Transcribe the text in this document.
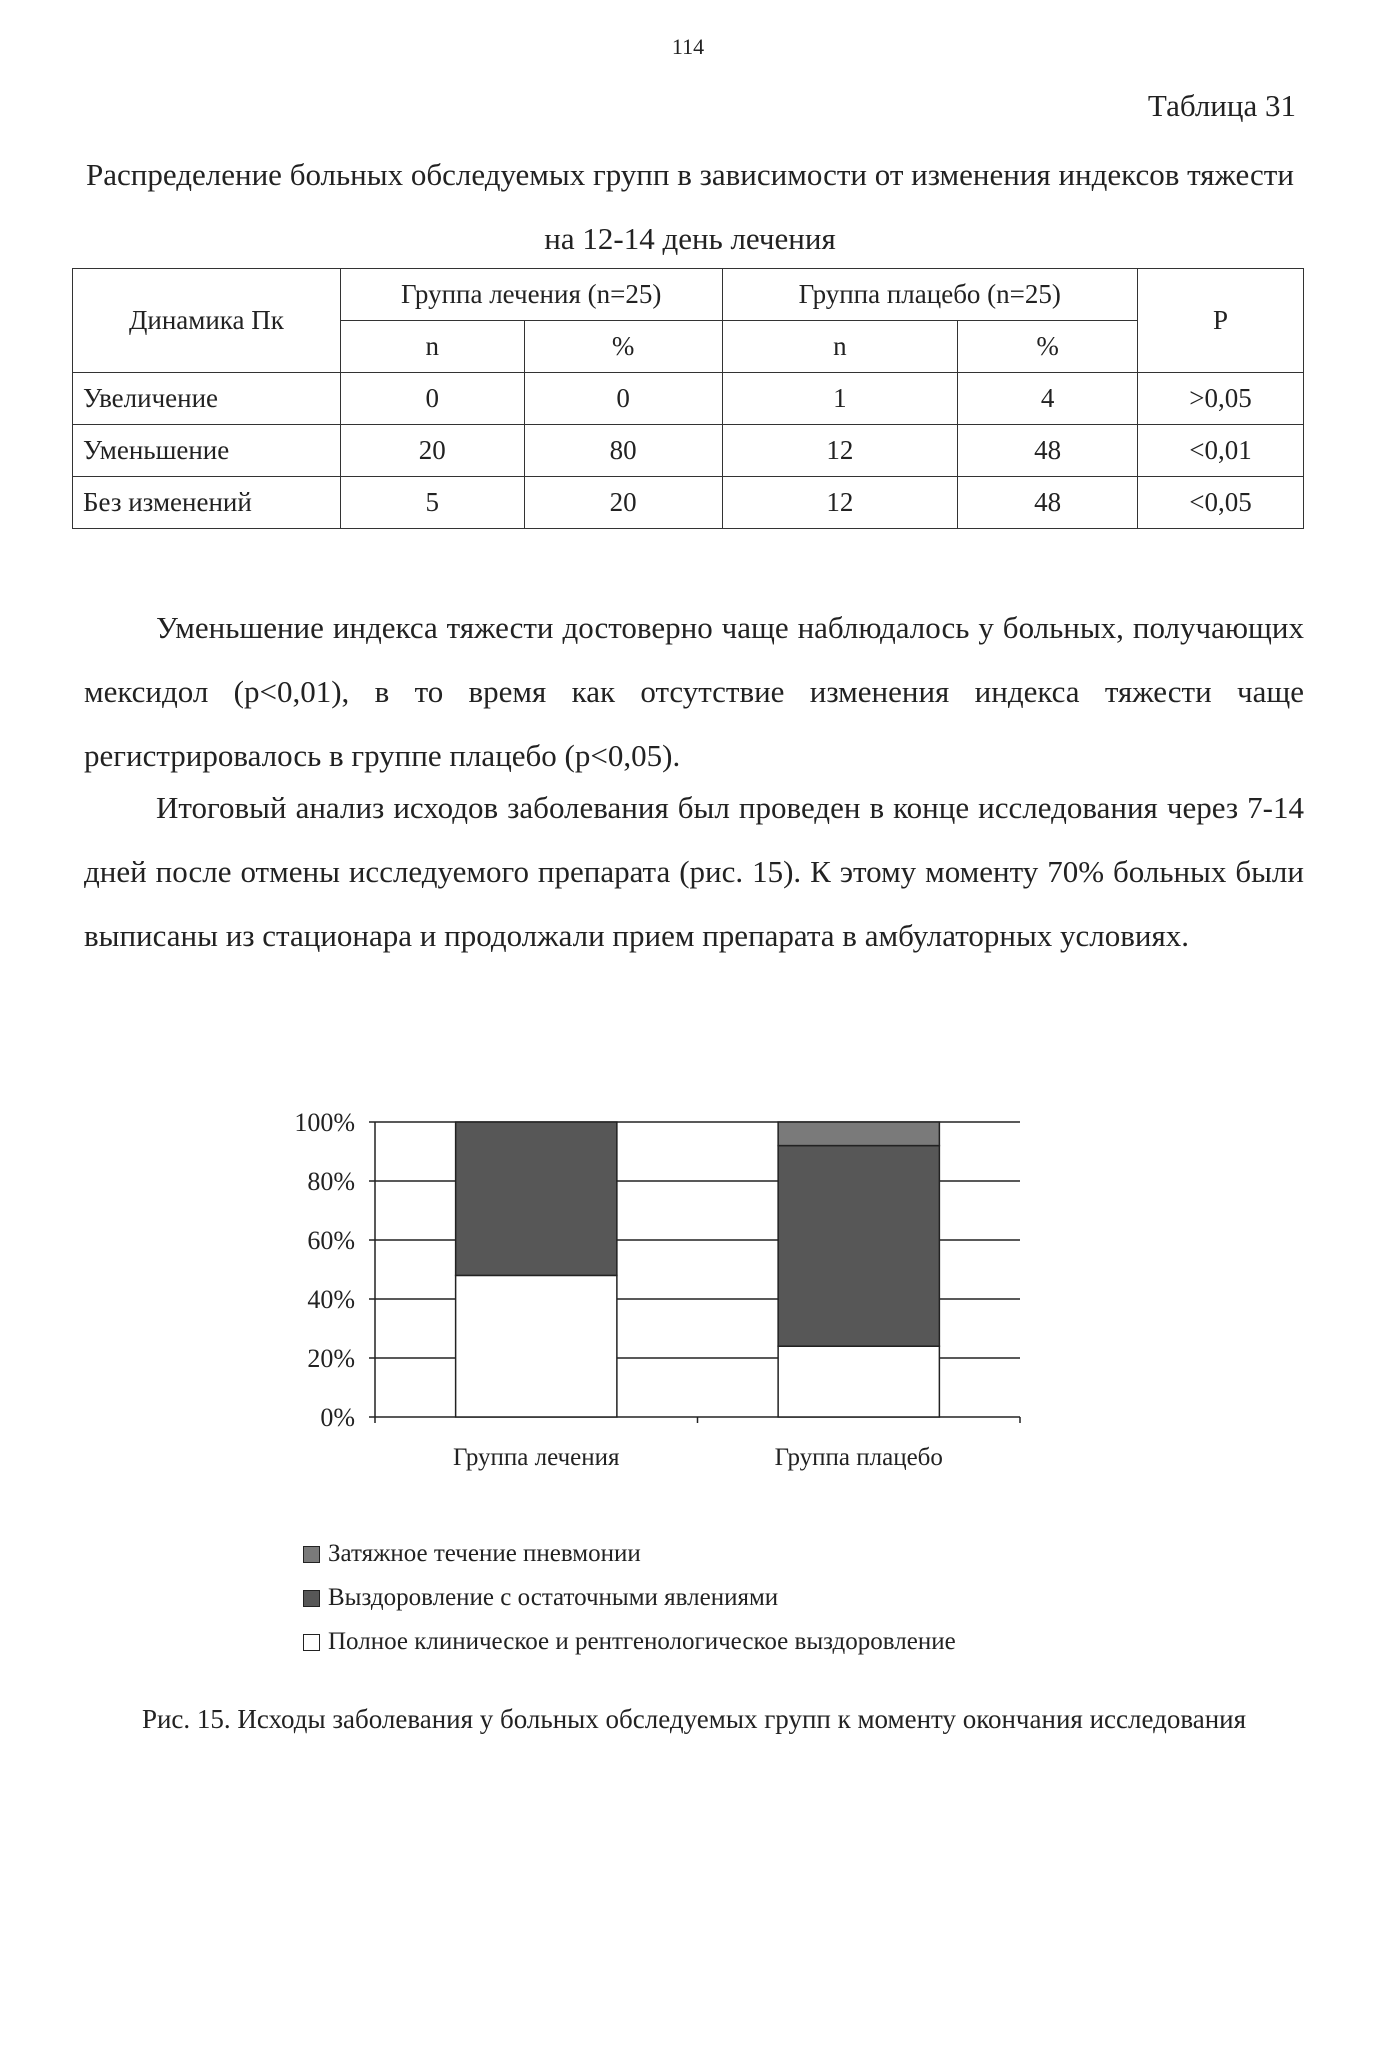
114
Таблица 31
Распределение больных обследуемых групп в зависимости от изменения индексов тяжести на 12-14 день лечения
Динамика Пк	Группа лечения (n=25)		Группа плацебо (n=25)		P
	n	%	n	%	
Увеличение	0	0	1	4	>0,05
Уменьшение	20	80	12	48	<0,01
Без изменений	5	20	12	48	<0,05

Уменьшение индекса тяжести достоверно чаще наблюдалось у больных, получающих мексидол (р<0,01), в то время как отсутствие изменения индекса тяжести чаще регистрировалось в группе плацебо (р<0,05).

Итоговый анализ исходов заболевания был проведен в конце исследования через 7-14 дней после отмены исследуемого препарата (рис. 15). К этому моменту 70% больных были выписаны из стационара и продолжали прием препарата в амбулаторных условиях.

0%
20%
40%
60%
80%
100%
Группа лечения	Группа плацебо
Затяжное течение пневмонии
Выздоровление с остаточными явлениями
Полное клиническое и рентгенологическое выздоровление
Рис. 15. Исходы заболевания у больных обследуемых групп к моменту окончания исследования
